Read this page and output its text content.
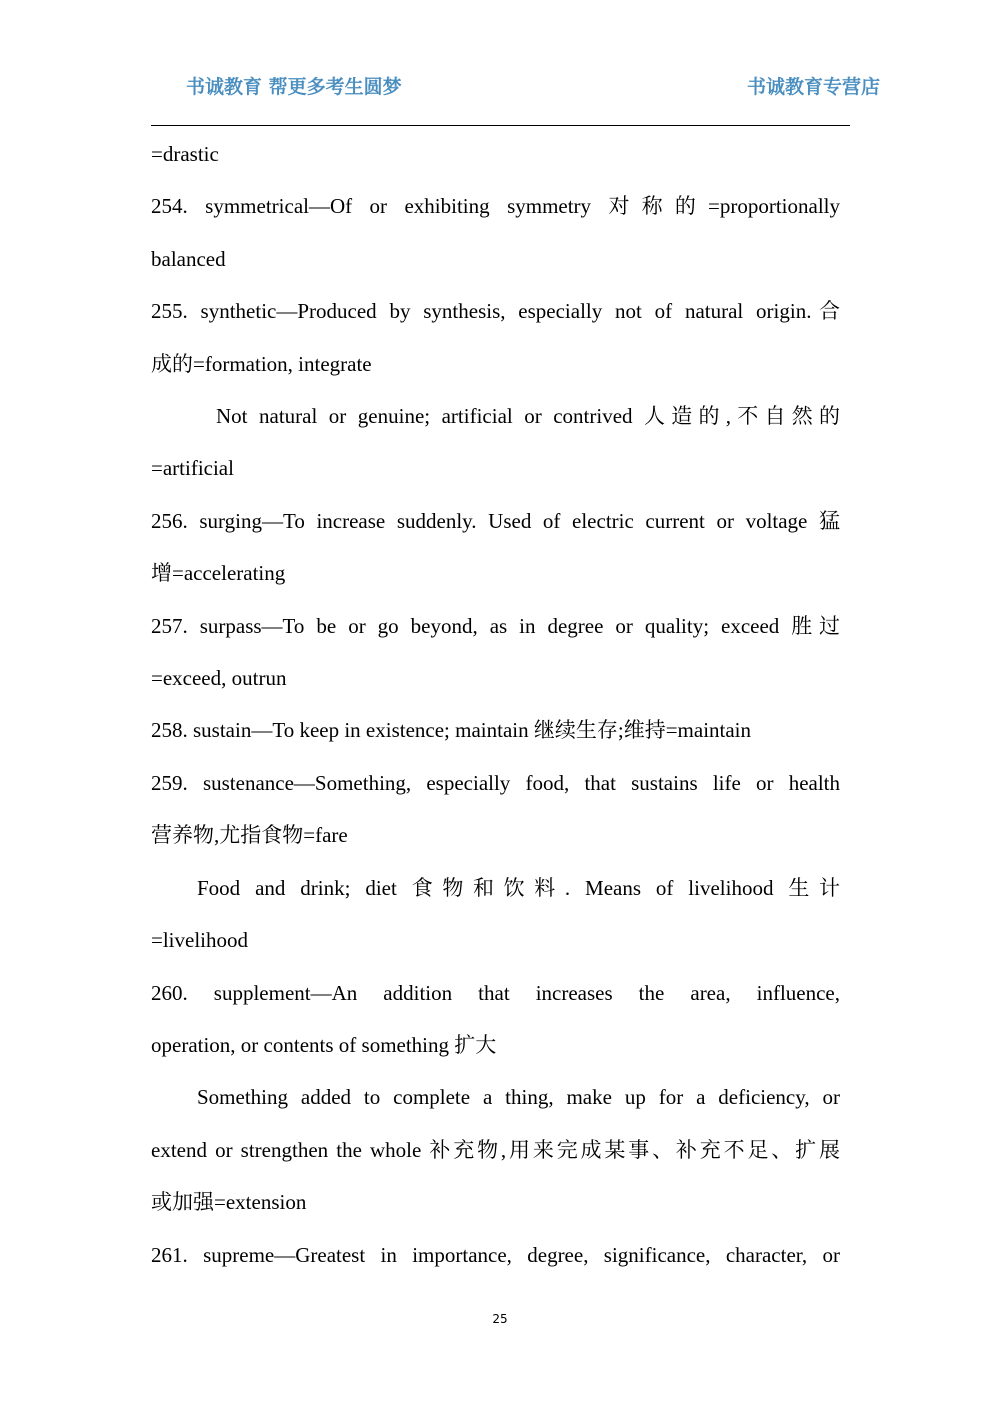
书诚教育 帮更多考生圆梦	书诚教育专营店

=drastic

254. symmetrical—Of or exhibiting symmetry 对称的=proportionally

balanced

255. synthetic—Produced by synthesis, especially not of natural origin.合

成的=formation, integrate

Not natural or genuine; artificial or contrived 人造的,不自然的

=artificial

256. surging—To increase suddenly. Used of electric current or voltage 猛

增=accelerating

257. surpass—To be or go beyond, as in degree or quality; exceed 胜过

=exceed, outrun

258. sustain—To keep in existence; maintain 继续生存;维持=maintain

259. sustenance—Something, especially food, that sustains life or health

营养物,尤指食物=fare

Food and drink; diet 食物和饮料. Means of livelihood 生计

=livelihood

260. supplement—An addition that increases the area, influence,

operation, or contents of something 扩大

Something added to complete a thing, make up for a deficiency, or

extend or strengthen the whole 补充物,用来完成某事、补充不足、扩展

或加强=extension

261. supreme—Greatest in importance, degree, significance, character, or

25
